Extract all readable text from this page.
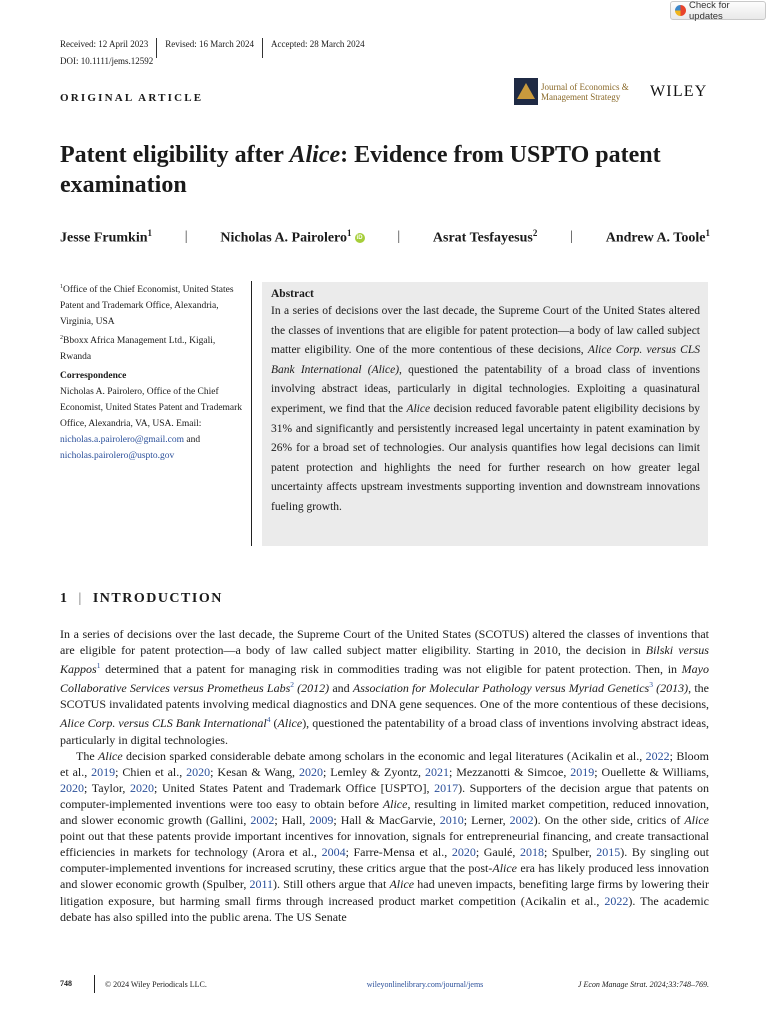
Check for updates
Received: 12 April 2023	Revised: 16 March 2024	Accepted: 28 March 2024
DOI: 10.1111/jems.12592
ORIGINAL ARTICLE
Journal of Economics &
Management Strategy	WILEY
Patent eligibility after Alice: Evidence from USPTO patent examination
Jesse Frumkin$^1$ | Nicholas A. Pairolero$^1$iD | Asrat Tesfayesus$^2$ | Andrew A. Toole$^1$

$^1$Office of the Chief Economist, United States Patent and Trademark Office, Alexandria, Virginia, USA

$^2$Bboxx Africa Management Ltd., Kigali, Rwanda

Correspondence
Nicholas A. Pairolero, Office of the Chief Economist, United States Patent and Trademark Office, Alexandria, VA, USA. Email: nicholas.a.pairolero@gmail.com and nicholas.pairolero@uspto.gov
Abstract
In a series of decisions over the last decade, the Supreme Court of the United States altered the classes of inventions that are eligible for patent protection—a body of law called subject matter eligibility. One of the more contentious of these decisions, Alice Corp. versus CLS Bank International (Alice), questioned the patentability of a broad class of inventions involving abstract ideas, particularly in digital technologies. Exploiting a quasinatural experiment, we find that the Alice decision reduced favorable patent eligibility decisions by 31% and significantly and persistently increased legal uncertainty in patent examination by 26% for a broad set of technologies. Our analysis quantifies how legal decisions can limit patent protection and highlights the need for further research on how greater legal uncertainty affects upstream investments supporting invention and downstream innovations fueling growth.
1 | INTRODUCTION

In a series of decisions over the last decade, the Supreme Court of the United States (SCOTUS) altered the classes of inventions that are eligible for patent protection—a body of law called subject matter eligibility. Starting in 2010, the decision in Bilski versus Kappos$^1$ determined that a patent for managing risk in commodities trading was not eligible for patent protection. Then, in Mayo Collaborative Services versus Prometheus Labs$^2$ (2012) and Association for Molecular Pathology versus Myriad Genetics$^3$ (2013), the SCOTUS invalidated patents involving medical diagnostics and DNA gene sequences. One of the more contentious of these decisions, Alice Corp. versus CLS Bank International$^4$ (Alice), questioned the patentability of a broad class of inventions involving abstract ideas, particularly in digital technologies.

The Alice decision sparked considerable debate among scholars in the economic and legal literatures (Acikalin et al., 2022; Bloom et al., 2019; Chien et al., 2020; Kesan & Wang, 2020; Lemley & Zyontz, 2021; Mezzanotti & Simcoe, 2019; Ouellette & Williams, 2020; Taylor, 2020; United States Patent and Trademark Office [USPTO], 2017). Supporters of the decision argue that patents on computer-implemented inventions were too easy to obtain before Alice, resulting in limited market competition, reduced innovation, and slower economic growth (Gallini, 2002; Hall, 2009; Hall & MacGarvie, 2010; Lerner, 2002). On the other side, critics of Alice point out that these patents provide important incentives for innovation, signals for entrepreneurial financing, and create transactional efficiencies in markets for technology (Arora et al., 2004; Farre-Mensa et al., 2020; Gaulé, 2018; Spulber, 2015). By singling out computer-implemented inventions for increased scrutiny, these critics argue that the post-Alice era has likely produced less innovation and slower economic growth (Spulber, 2011). Still others argue that Alice had uneven impacts, benefiting large firms by lowering their litigation exposure, but harming small firms through increased product market competition (Acikalin et al., 2022). The academic debate has also spilled into the public arena. The US Senate

748	© 2024 Wiley Periodicals LLC.	wileyonlinelibrary.com/journal/jems	J Econ Manage Strat. 2024;33:748–769.
